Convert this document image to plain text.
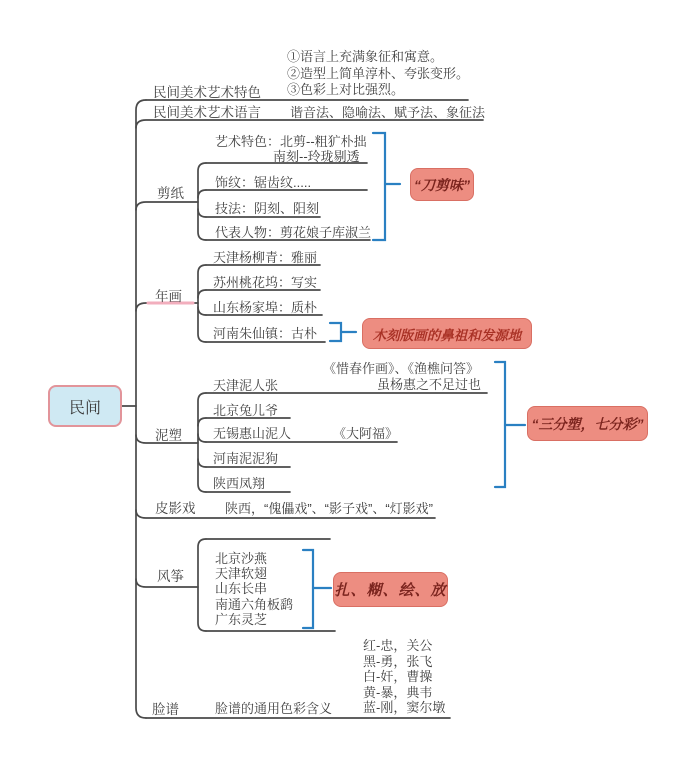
民间
民间美术艺术特色
①语言上充满象征和寓意。
②造型上简单淳朴、夸张变形。
③色彩上对比强烈。
民间美术艺术语言 谐音法、隐喻法、赋予法、象征法
剪纸
艺术特色：北剪--粗犷朴拙
南刻--玲珑剔透
饰纹：锯齿纹.....
技法：阴刻、阳刻
代表人物：剪花娘子库淑兰
“刀剪味”
年画
天津杨柳青：雅丽
苏州桃花坞：写实
山东杨家埠：质朴
河南朱仙镇：古朴	木刻版画的鼻祖和发源地
泥塑
《惜春作画》、《渔樵问答》
天津泥人张	虽杨惠之不足过也
北京兔儿爷
无锡惠山泥人	《大阿福》
河南泥泥狗
陕西凤翔
“三分塑，七分彩”
皮影戏 陕西，“傀儡戏”、“影子戏”、“灯影戏”
风筝
北京沙燕
天津软翅
山东长串
南通六角板鹞
广东灵芝
扎、糊、绘、放
脸谱	脸谱的通用色彩含义
红-忠，关公
黑-勇，张飞
白-奸，曹操
黄-暴，典韦
蓝-刚，窦尔墩
